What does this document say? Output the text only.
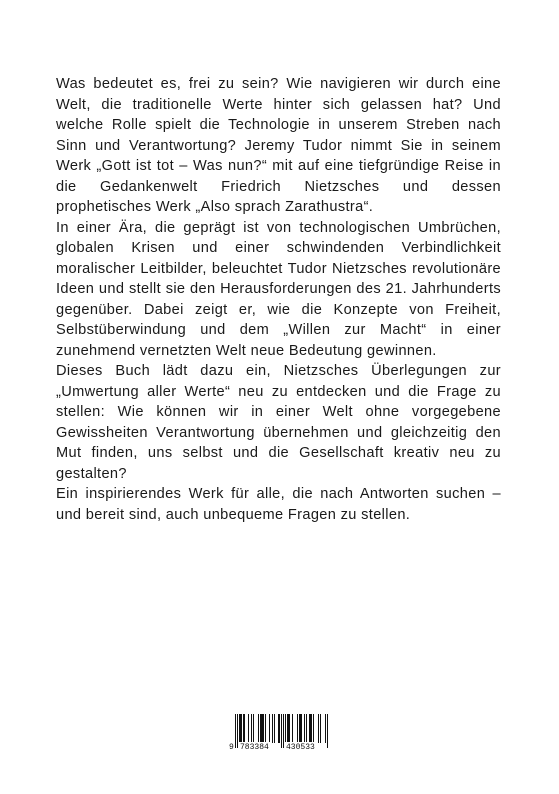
Was bedeutet es, frei zu sein? Wie navigieren wir durch eine Welt, die traditionelle Werte hinter sich gelassen hat? Und welche Rolle spielt die Technologie in unserem Streben nach Sinn und Verantwortung? Jeremy Tudor nimmt Sie in seinem Werk „Gott ist tot – Was nun?“ mit auf eine tiefgründige Reise in die Gedankenwelt Friedrich Nietzsches und dessen prophetisches Werk „Also sprach Zarathustra“.

In einer Ära, die geprägt ist von technologischen Umbrüchen, globalen Krisen und einer schwindenden Verbindlichkeit moralischer Leitbilder, beleuchtet Tudor Nietzsches revolutionäre Ideen und stellt sie den Herausforderungen des 21. Jahrhunderts gegenüber. Dabei zeigt er, wie die Konzepte von Freiheit, Selbstüberwindung und dem „Willen zur Macht“ in einer zunehmend vernetzten Welt neue Bedeutung gewinnen.

Dieses Buch lädt dazu ein, Nietzsches Überlegungen zur „Umwertung aller Werte“ neu zu entdecken und die Frage zu stellen: Wie können wir in einer Welt ohne vorgegebene Gewissheiten Verantwortung übernehmen und gleichzeitig den Mut finden, uns selbst und die Gesellschaft kreativ neu zu gestalten?

Ein inspirierendes Werk für alle, die nach Antworten suchen – und bereit sind, auch unbequeme Fragen zu stellen.

9 783384 430533
